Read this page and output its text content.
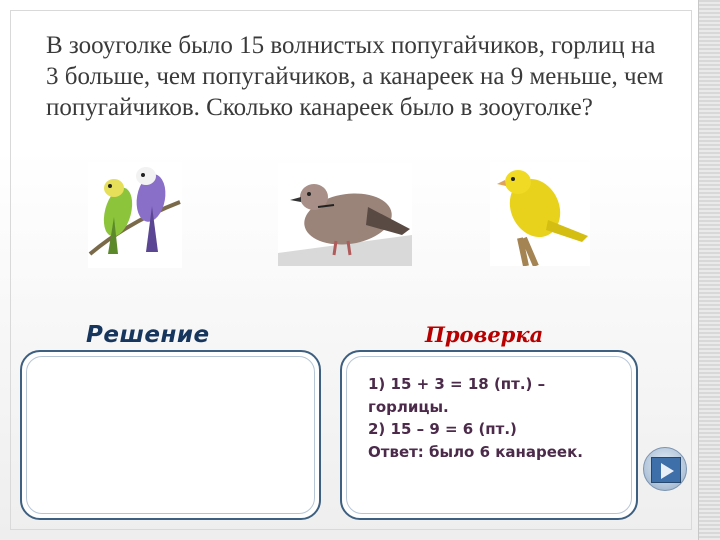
В зооуголке было 15 волнистых попугайчиков, горлиц на 3 больше, чем попугайчиков, а канареек на 9 меньше, чем попугайчиков. Сколько канареек было в зооуголке?
Решение	Проверка
1) 15 + 3 = 18 (пт.) – горлицы.
2) 15 – 9 = 6 (пт.)
Ответ: было 6 канареек.
